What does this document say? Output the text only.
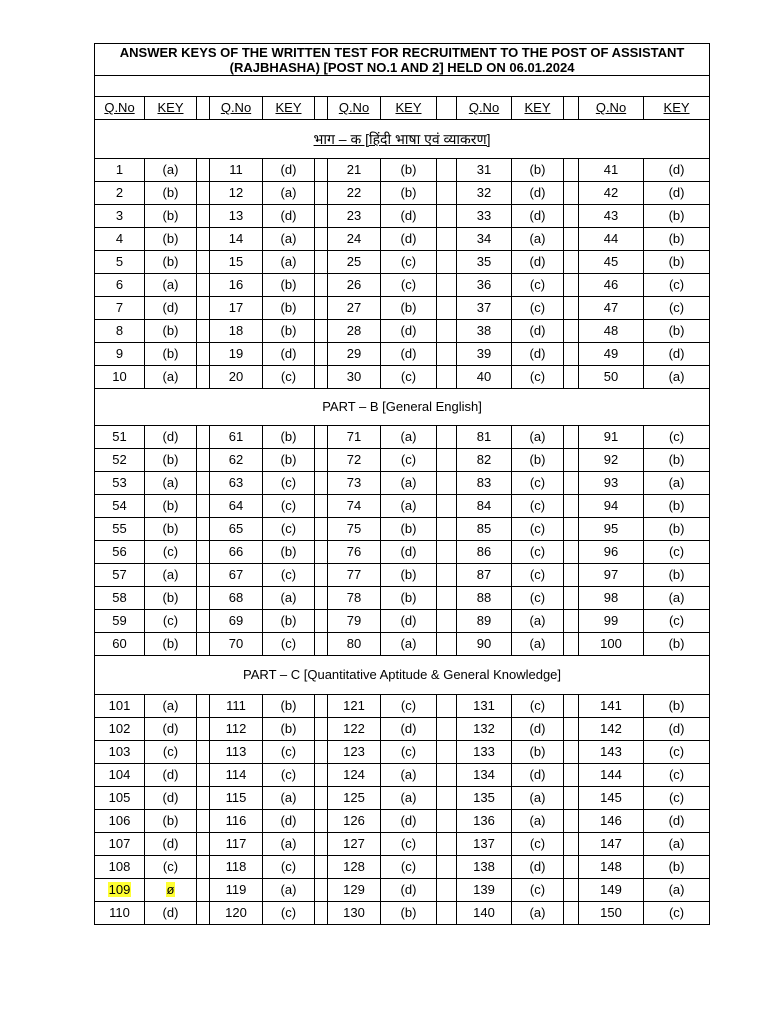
ANSWER KEYS OF THE WRITTEN TEST FOR RECRUITMENT TO THE POST OF ASSISTANT
(RAJBHASHA) [POST NO.1 AND 2] HELD ON 06.01.2024													

Q.No	KEY		Q.No	KEY		Q.No	KEY		Q.No	KEY		Q.No	KEY
भाग – क [हिंदी भाषा एवं व्याकरण]													
1	(a)		11	(d)		21	(b)		31	(b)		41	(d)
2	(b)		12	(a)		22	(b)		32	(d)		42	(d)
3	(b)		13	(d)		23	(d)		33	(d)		43	(b)
4	(b)		14	(a)		24	(d)		34	(a)		44	(b)
5	(b)		15	(a)		25	(c)		35	(d)		45	(b)
6	(a)		16	(b)		26	(c)		36	(c)		46	(c)
7	(d)		17	(b)		27	(b)		37	(c)		47	(c)
8	(b)		18	(b)		28	(d)		38	(d)		48	(b)
9	(b)		19	(d)		29	(d)		39	(d)		49	(d)
10	(a)		20	(c)		30	(c)		40	(c)		50	(a)
PART – B [General English]													
51	(d)		61	(b)		71	(a)		81	(a)		91	(c)
52	(b)		62	(b)		72	(c)		82	(b)		92	(b)
53	(a)		63	(c)		73	(a)		83	(c)		93	(a)
54	(b)		64	(c)		74	(a)		84	(c)		94	(b)
55	(b)		65	(c)		75	(b)		85	(c)		95	(b)
56	(c)		66	(b)		76	(d)		86	(c)		96	(c)
57	(a)		67	(c)		77	(b)		87	(c)		97	(b)
58	(b)		68	(a)		78	(b)		88	(c)		98	(a)
59	(c)		69	(b)		79	(d)		89	(a)		99	(c)
60	(b)		70	(c)		80	(a)		90	(a)		100	(b)
PART – C [Quantitative Aptitude & General Knowledge]													
101	(a)		111	(b)		121	(c)		131	(c)		141	(b)
102	(d)		112	(b)		122	(d)		132	(d)		142	(d)
103	(c)		113	(c)		123	(c)		133	(b)		143	(c)
104	(d)		114	(c)		124	(a)		134	(d)		144	(c)
105	(d)		115	(a)		125	(a)		135	(a)		145	(c)
106	(b)		116	(d)		126	(d)		136	(a)		146	(d)
107	(d)		117	(a)		127	(c)		137	(c)		147	(a)
108	(c)		118	(c)		128	(c)		138	(d)		148	(b)
109	ø		119	(a)		129	(d)		139	(c)		149	(a)
110	(d)		120	(c)		130	(b)		140	(a)		150	(c)
